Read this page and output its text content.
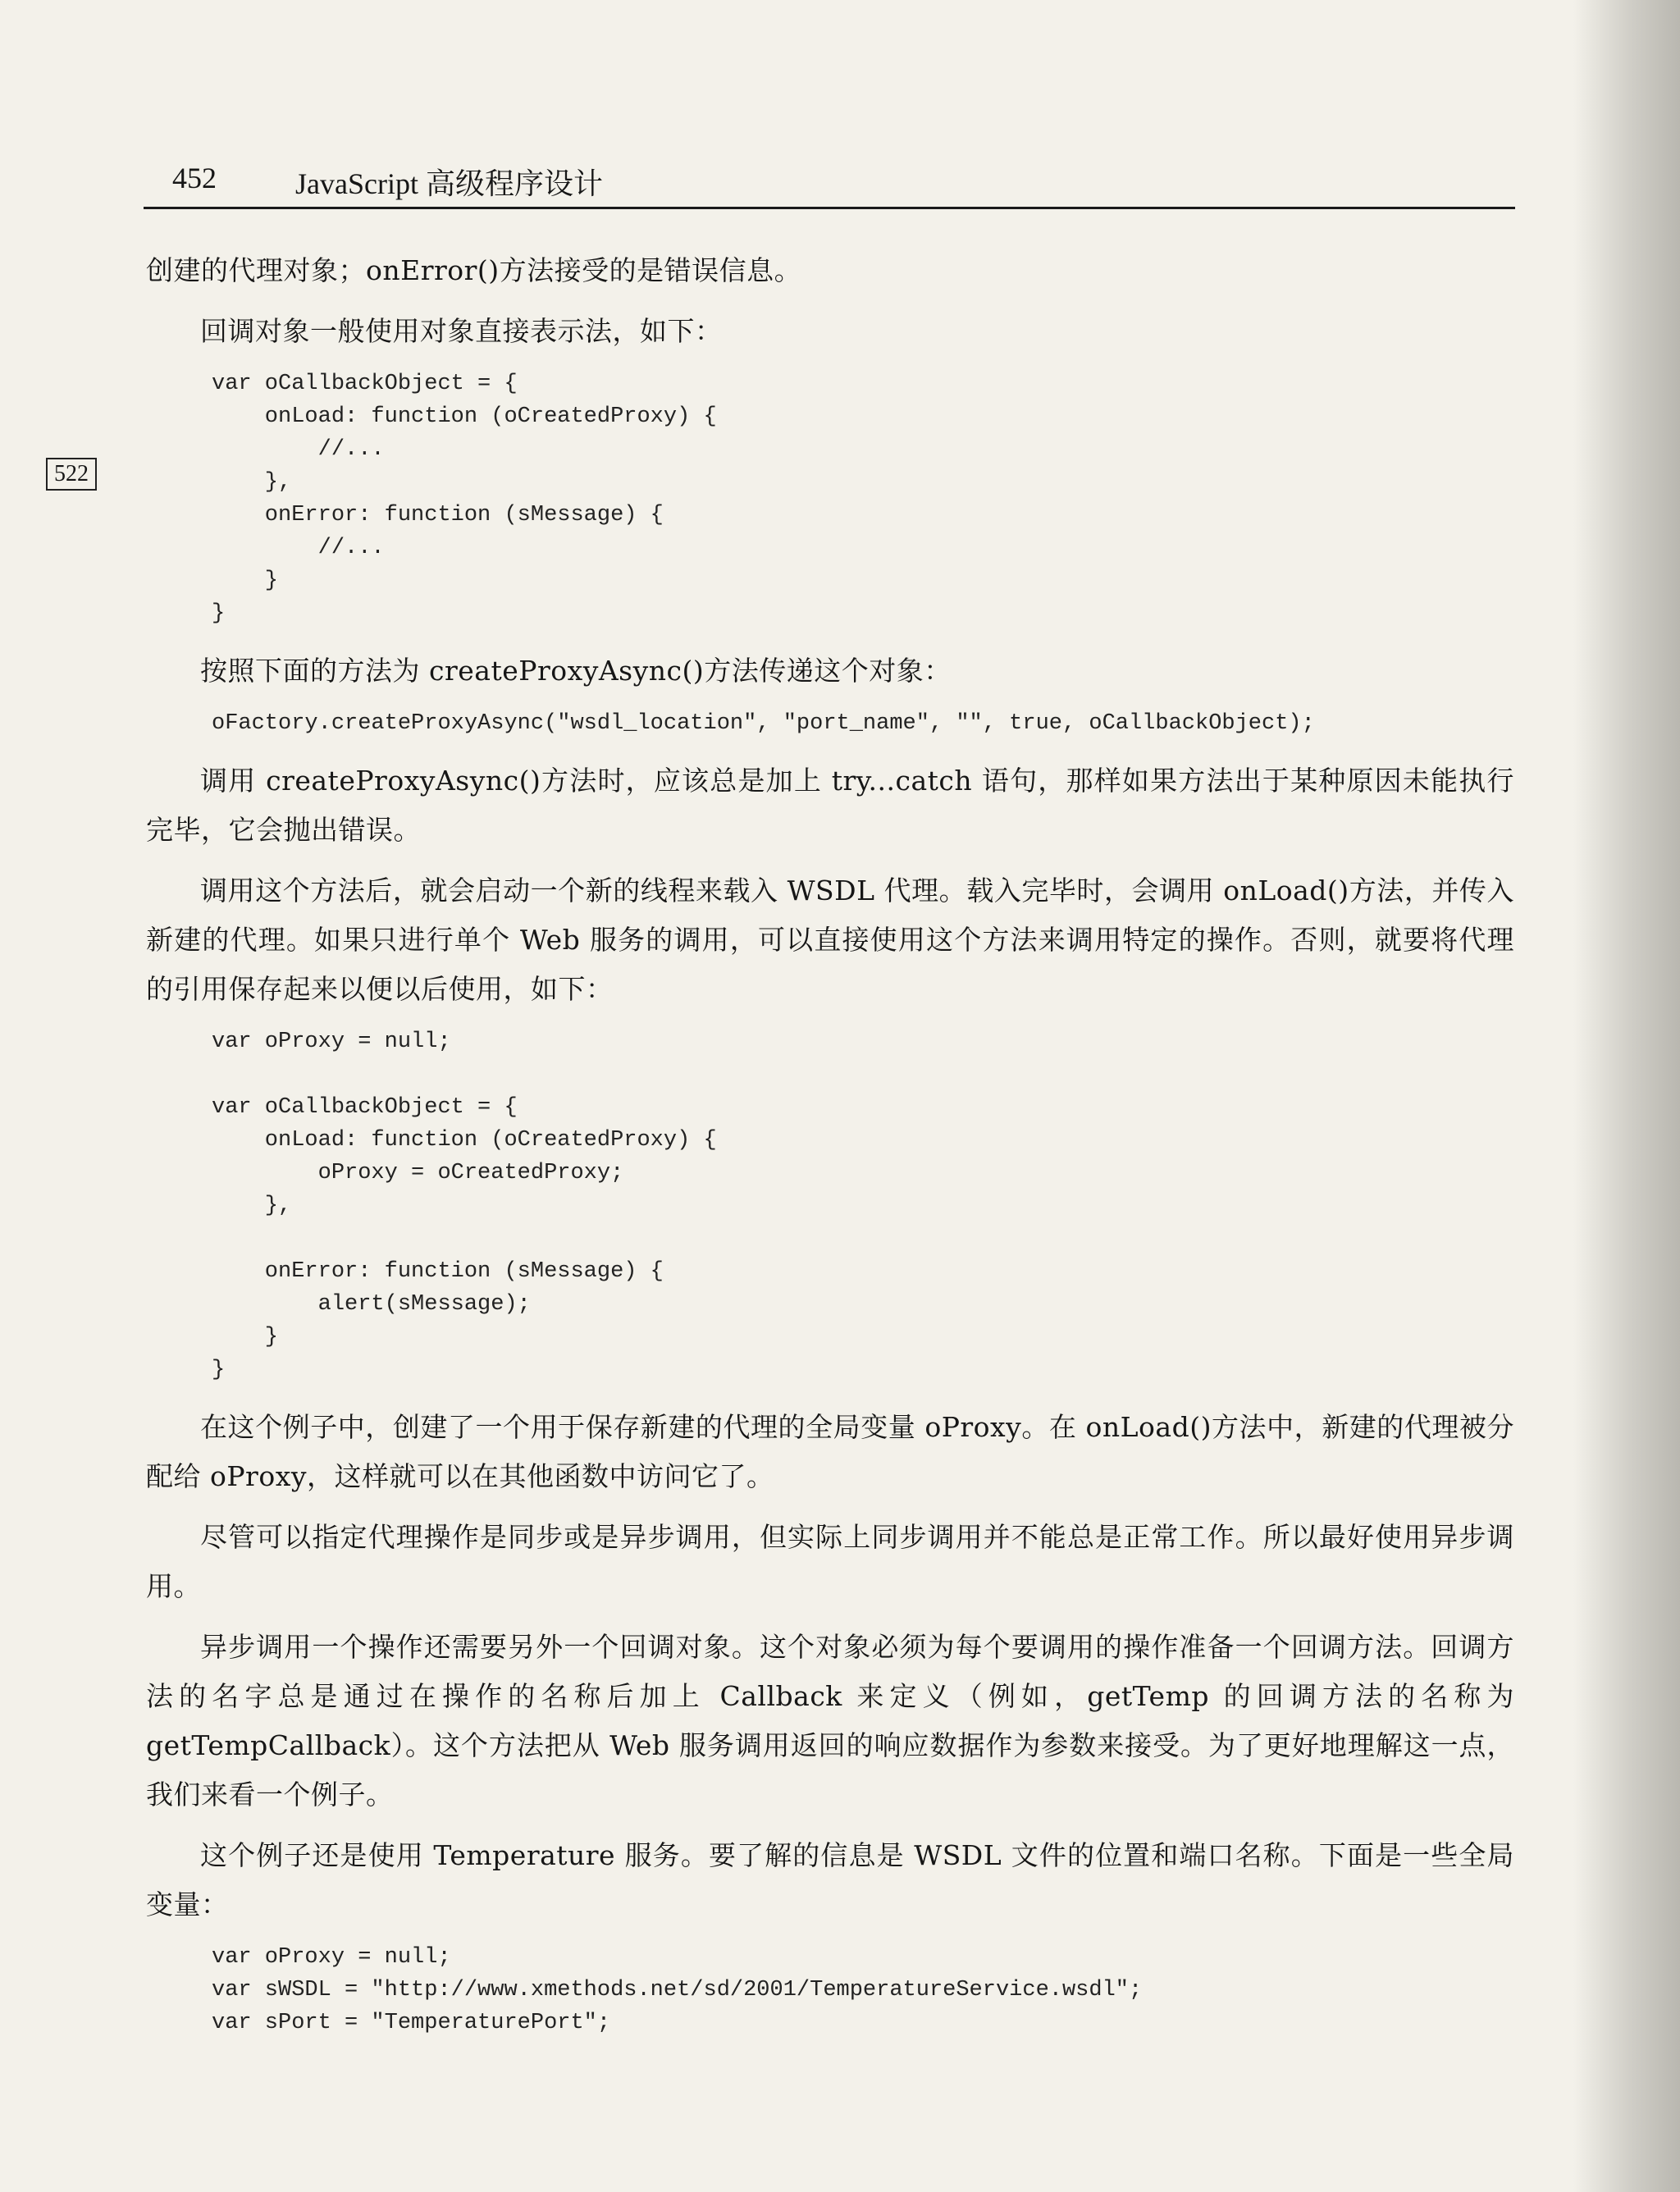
452	JavaScript 高级程序设计
522

创建的代理对象；onError()方法接受的是错误信息。

回调对象一般使用对象直接表示法，如下：

var oCallbackObject = {
onLoad: function (oCreatedProxy) {
//...
},
onError: function (sMessage) {
//...
}
}

按照下面的方法为 createProxyAsync()方法传递这个对象：

oFactory.createProxyAsync("wsdl_location", "port_name", "", true, oCallbackObject);

调用 createProxyAsync()方法时，应该总是加上 try...catch 语句，那样如果方法出于某种原因未能执行完毕，它会抛出错误。

调用这个方法后，就会启动一个新的线程来载入 WSDL 代理。载入完毕时，会调用 onLoad()方法，并传入新建的代理。如果只进行单个 Web 服务的调用，可以直接使用这个方法来调用特定的操作。否则，就要将代理的引用保存起来以便以后使用，如下：

var oProxy = null;

var oCallbackObject = {
onLoad: function (oCreatedProxy) {
oProxy = oCreatedProxy;
},

onError: function (sMessage) {
alert(sMessage);
}
}

在这个例子中，创建了一个用于保存新建的代理的全局变量 oProxy。在 onLoad()方法中，新建的代理被分配给 oProxy，这样就可以在其他函数中访问它了。

尽管可以指定代理操作是同步或是异步调用，但实际上同步调用并不能总是正常工作。所以最好使用异步调用。

异步调用一个操作还需要另外一个回调对象。这个对象必须为每个要调用的操作准备一个回调方法。回调方法的名字总是通过在操作的名称后加上 Callback 来定义（例如，getTemp 的回调方法的名称为 getTempCallback）。这个方法把从 Web 服务调用返回的响应数据作为参数来接受。为了更好地理解这一点，我们来看一个例子。

这个例子还是使用 Temperature 服务。要了解的信息是 WSDL 文件的位置和端口名称。下面是一些全局变量：

var oProxy = null;
var sWSDL = "http://www.xmethods.net/sd/2001/TemperatureService.wsdl";
var sPort = "TemperaturePort";
